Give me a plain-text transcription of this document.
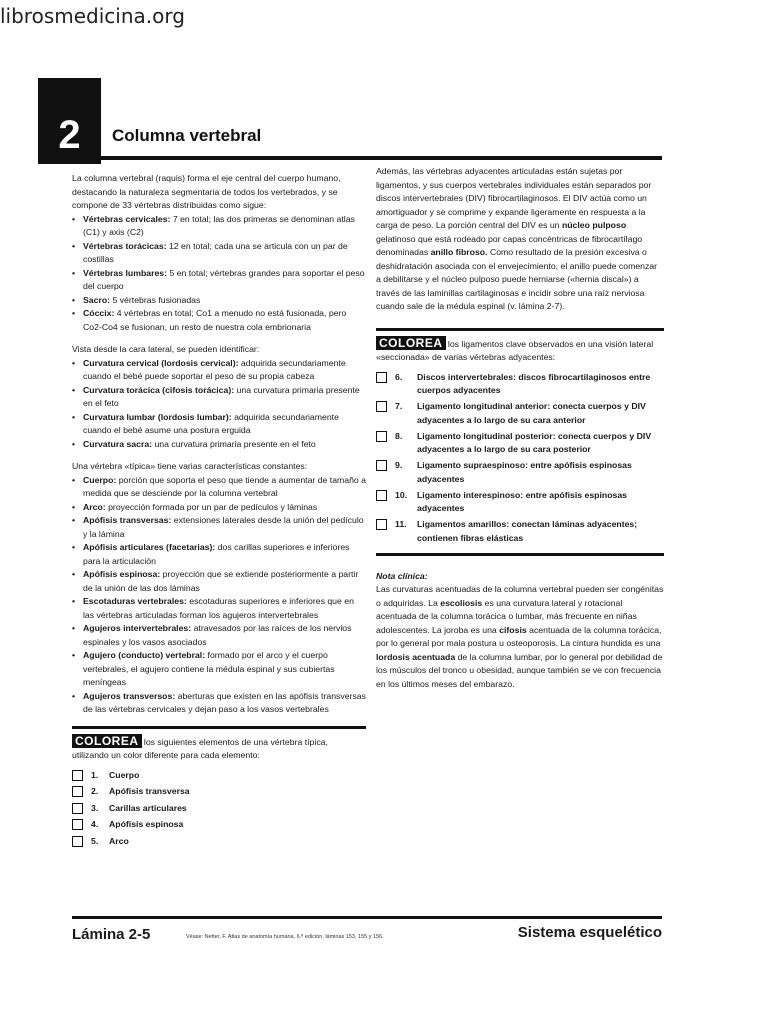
librosmedicina.org
2	Columna vertebral

La columna vertebral (raquis) forma el eje central del cuerpo humano, destacando la naturaleza segmentaria de todos los vertebrados, y se compone de 33 vértebras distribuidas como sigue:

• Vértebras cervicales: 7 en total; las dos primeras se denominan atlas (C1) y axis (C2)
• Vértebras torácicas: 12 en total; cada una se articula con un par de costillas
• Vértebras lumbares: 5 en total; vértebras grandes para soportar el peso del cuerpo
• Sacro: 5 vértebras fusionadas
• Cóccix: 4 vértebras en total; Co1 a menudo no está fusionada, pero Co2-Co4 se fusionan, un resto de nuestra cola embrionaria

Vista desde la cara lateral, se pueden identificar:

• Curvatura cervical (lordosis cervical): adquirida secundariamente cuando el bebé puede soportar el peso de su propia cabeza
• Curvatura torácica (cifosis torácica): una curvatura primaria presente en el feto
• Curvatura lumbar (lordosis lumbar): adquirida secundariamente cuando el bebé asume una postura erguida
• Curvatura sacra: una curvatura primaria presente en el feto

Una vértebra «típica» tiene varias características constantes:

• Cuerpo: porción que soporta el peso que tiende a aumentar de tamaño a medida que se desciende por la columna vertebral
• Arco: proyección formada por un par de pedículos y láminas
• Apófisis transversas: extensiones laterales desde la unión del pedículo y la lámina
• Apófisis articulares (facetarias): dos carillas superiores e inferiores para la articulación
• Apófisis espinosa: proyección que se extiende posteriormente a partir de la unión de las dos láminas
• Escotaduras vertebrales: escotaduras superiores e inferiores que en las vértebras articuladas forman los agujeros intervertebrales
• Agujeros intervertebrales: atravesados por las raíces de los nervios espinales y los vasos asociados
• Agujero (conducto) vertebral: formado por el arco y el cuerpo vertebrales, el agujero contiene la médula espinal y sus cubiertas meníngeas
• Agujeros transversos: aberturas que existen en las apófisis transversas de las vértebras cervicales y dejan paso a los vasos vertebrales

COLOREA los siguientes elementos de una vértebra típica, utilizando un color diferente para cada elemento:

1.	Cuerpo
2.	Apófisis transversa
3.	Carillas articulares
4.	Apófisis espinosa
5.	Arco

Además, las vértebras adyacentes articuladas están sujetas por ligamentos, y sus cuerpos vertebrales individuales están separados por discos intervertebrales (DIV) fibrocartilaginosos. El DIV actúa como un amortiguador y se comprime y expande ligeramente en respuesta a la carga de peso. La porción central del DIV es un núcleo pulposo gelatinoso que está rodeado por capas concéntricas de fibrocartílago denominadas anillo fibroso. Como resultado de la presión excesiva o deshidratación asociada con el envejecimiento, el anillo puede comenzar a debilitarse y el núcleo pulposo puede herniarse («hernia discal») a través de las laminillas cartilaginosas e incidir sobre una raíz nerviosa cuando sale de la médula espinal (v. lámina 2-7).

COLOREA los ligamentos clave observados en una visión lateral «seccionada» de varias vértebras adyacentes:

6.	Discos intervertebrales: discos fibrocartilaginosos entre cuerpos adyacentes
7.	Ligamento longitudinal anterior: conecta cuerpos y DIV adyacentes a lo largo de su cara anterior
8.	Ligamento longitudinal posterior: conecta cuerpos y DIV adyacentes a lo largo de su cara posterior
9.	Ligamento supraespinoso: entre apófisis espinosas adyacentes
10.	Ligamento interespinoso: entre apófisis espinosas adyacentes
11.	Ligamentos amarillos: conectan láminas adyacentes; contienen fibras elásticas

Nota clínica:

Las curvaturas acentuadas de la columna vertebral pueden ser congénitas o adquiridas. La escoliosis es una curvatura lateral y rotacional acentuada de la columna torácica o lumbar, más frecuente en niñas adolescentes. La joroba es una cifosis acentuada de la columna torácica, por lo general por mala postura u osteoporosis. La cintura hundida es una lordosis acentuada de la columna lumbar, por lo general por debilidad de los músculos del tronco u obesidad, aunque también se ve con frecuencia en los últimos meses del embarazo.

Lámina 2-5	Véase: Netter, F. Atlas de anatomía humana, 6.ª edición, láminas 153, 155 y 156.	Sistema esquelético
